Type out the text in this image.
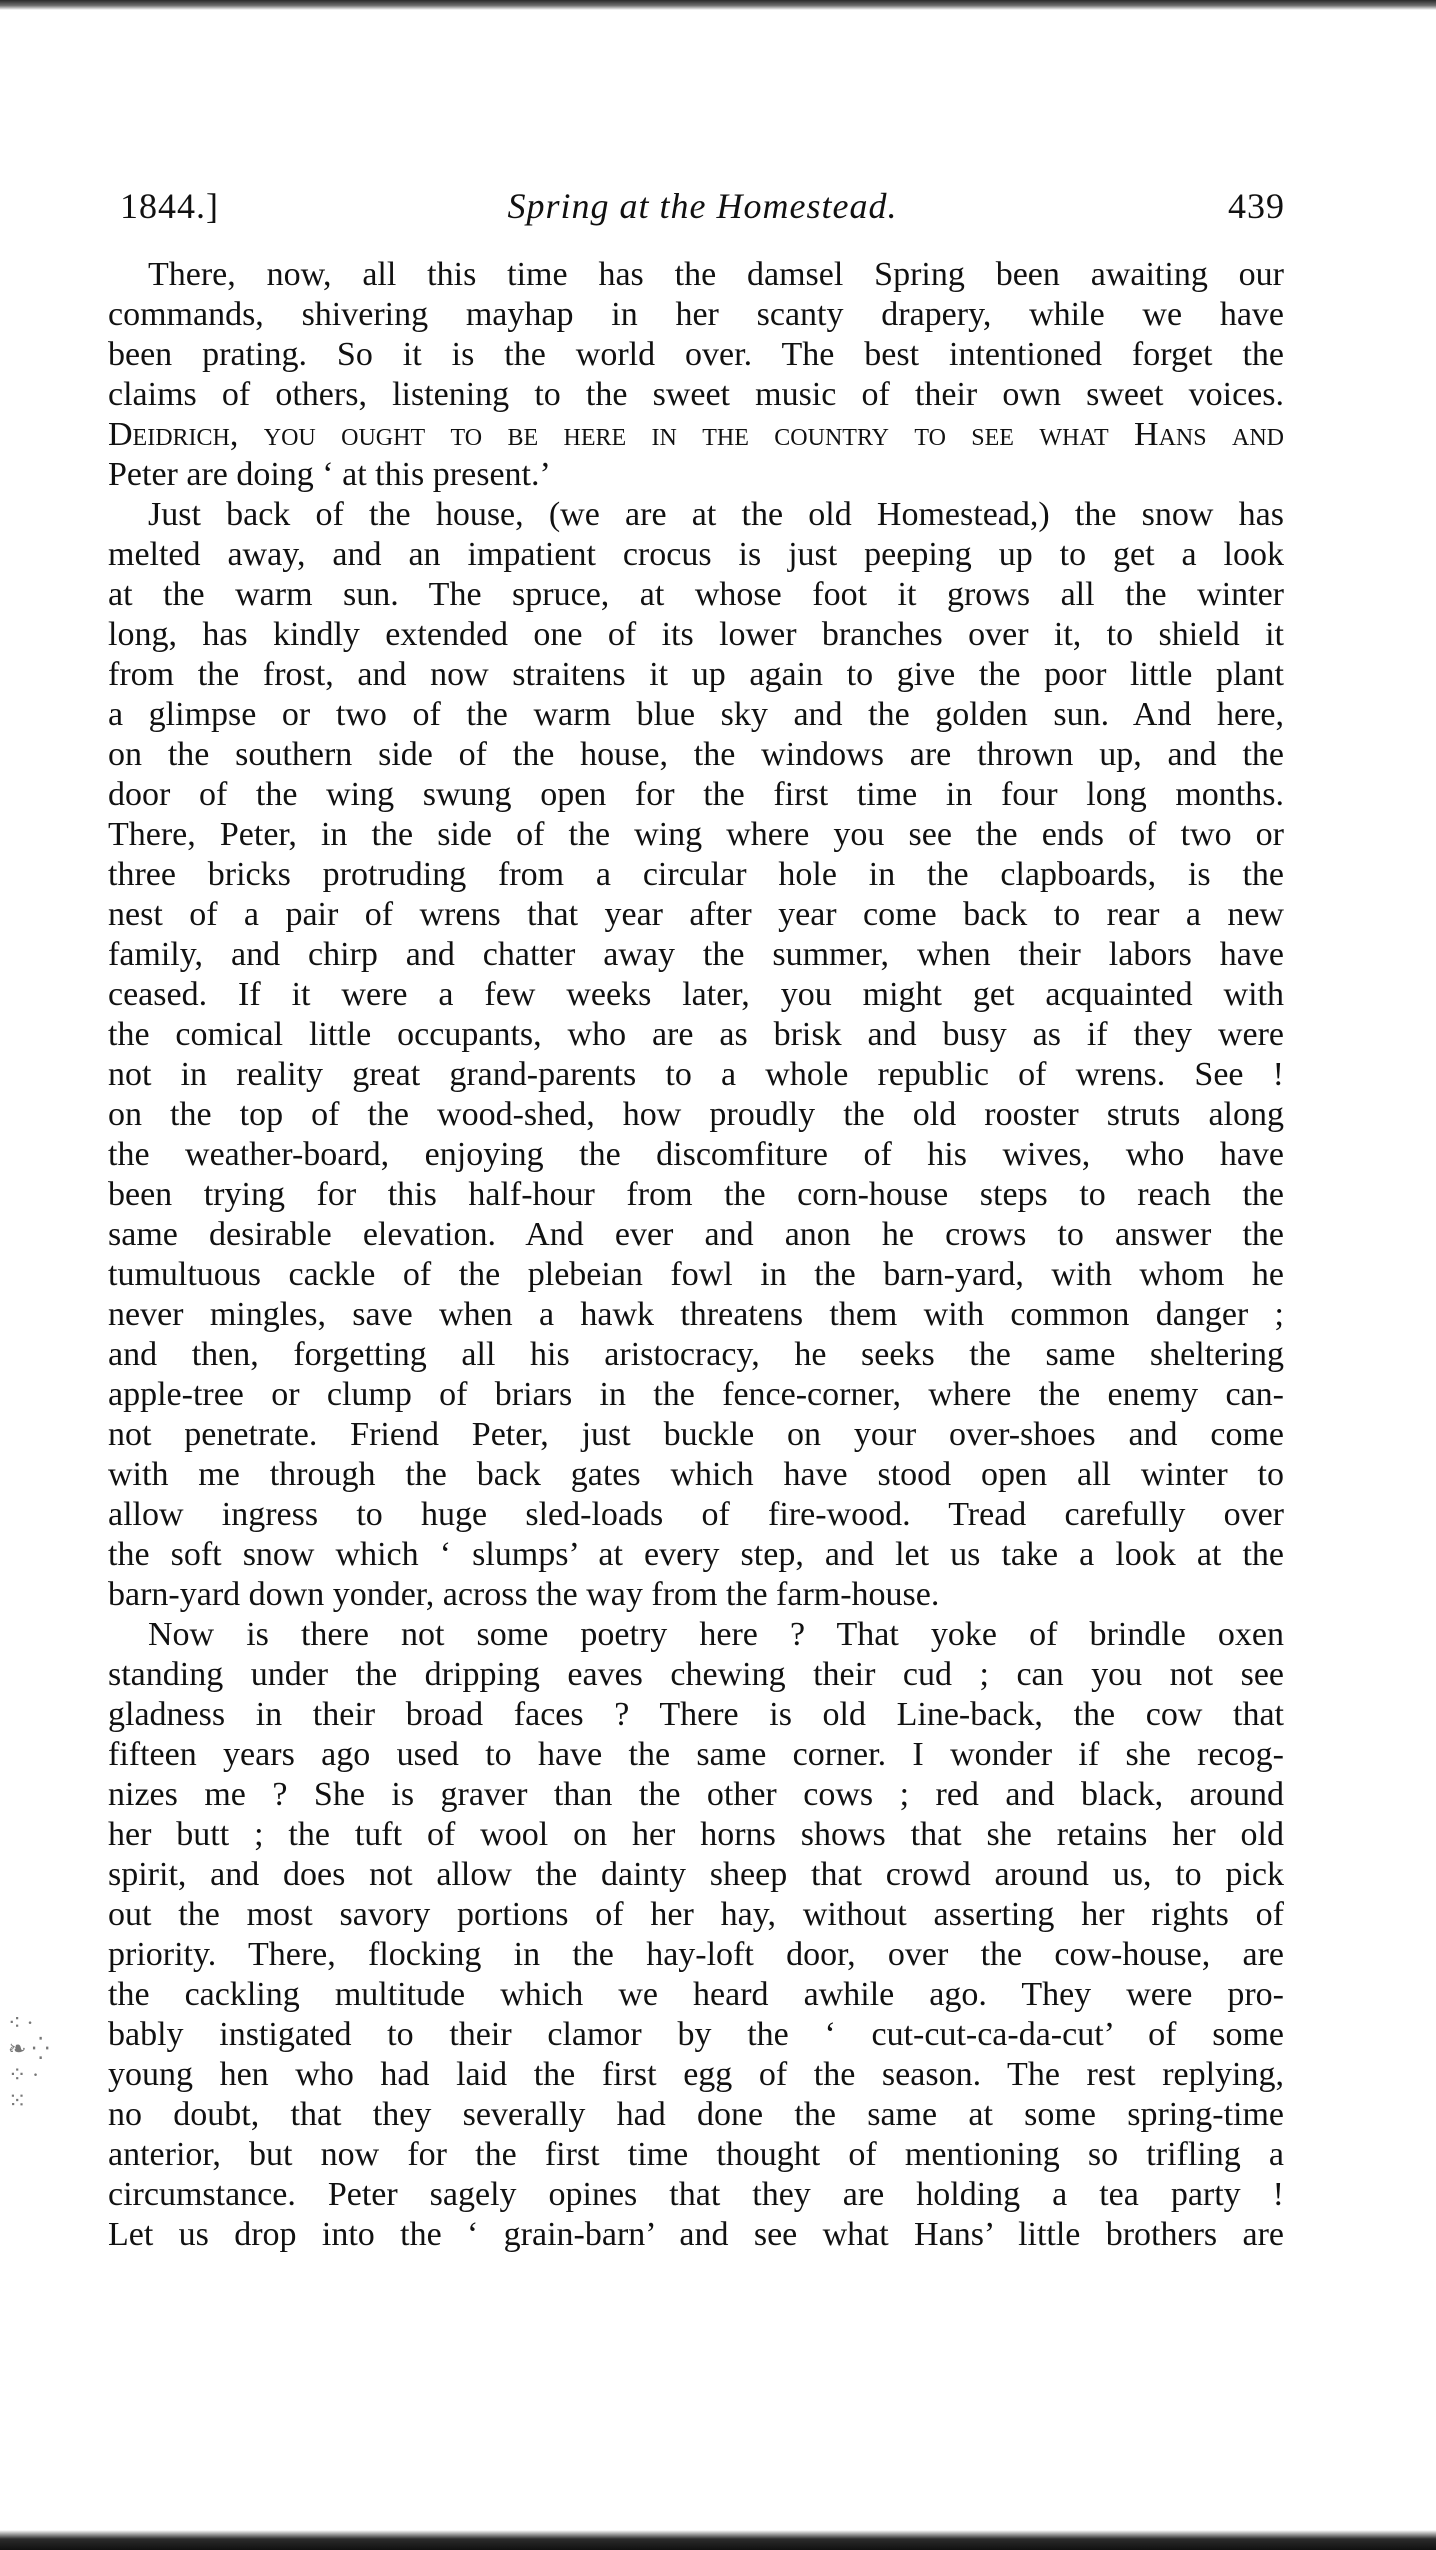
1844.]	Spring at the Homestead.	439
There, now, all this time has the damsel Spring been awaiting our
commands, shivering mayhap in her scanty drapery, while we have
been prating. So it is the world over. The best intentioned forget the
claims of others, listening to the sweet music of their own sweet voices.
Deidrich, you ought to be here in the country to see what Hans and
Peter are doing ‘ at this present.’
Just back of the house, (we are at the old Homestead,) the snow has
melted away, and an impatient crocus is just peeping up to get a look
at the warm sun. The spruce, at whose foot it grows all the winter
long, has kindly extended one of its lower branches over it, to shield it
from the frost, and now straitens it up again to give the poor little plant
a glimpse or two of the warm blue sky and the golden sun. And here,
on the southern side of the house, the windows are thrown up, and the
door of the wing swung open for the first time in four long months.
There, Peter, in the side of the wing where you see the ends of two or
three bricks protruding from a circular hole in the clapboards, is the
nest of a pair of wrens that year after year come back to rear a new
family, and chirp and chatter away the summer, when their labors have
ceased. If it were a few weeks later, you might get acquainted with
the comical little occupants, who are as brisk and busy as if they were
not in reality great grand-parents to a whole republic of wrens. See !
on the top of the wood-shed, how proudly the old rooster struts along
the weather-board, enjoying the discomfiture of his wives, who have
been trying for this half-hour from the corn-house steps to reach the
same desirable elevation. And ever and anon he crows to answer the
tumultuous cackle of the plebeian fowl in the barn-yard, with whom he
never mingles, save when a hawk threatens them with common danger ;
and then, forgetting all his aristocracy, he seeks the same sheltering
apple-tree or clump of briars in the fence-corner, where the enemy can-
not penetrate. Friend Peter, just buckle on your over-shoes and come
with me through the back gates which have stood open all winter to
allow ingress to huge sled-loads of fire-wood. Tread carefully over
the soft snow which ‘ slumps’ at every step, and let us take a look at the
barn-yard down yonder, across the way from the farm-house.
Now is there not some poetry here ? That yoke of brindle oxen
standing under the dripping eaves chewing their cud ; can you not see
gladness in their broad faces ? There is old Line-back, the cow that
fifteen years ago used to have the same corner. I wonder if she recog-
nizes me ? She is graver than the other cows ; red and black, around
her butt ; the tuft of wool on her horns shows that she retains her old
spirit, and does not allow the dainty sheep that crowd around us, to pick
out the most savory portions of her hay, without asserting her rights of
priority. There, flocking in the hay-loft door, over the cow-house, are
the cackling multitude which we heard awhile ago. They were pro-
bably instigated to their clamor by the ‘ cut-cut-ca-da-cut’ of some
young hen who had laid the first egg of the season. The rest replying,
no doubt, that they severally had done the same at some spring-time
anterior, but now for the first time thought of mentioning so trifling a
circumstance. Peter sagely opines that they are holding a tea party !
Let us drop into the ‘ grain-barn’ and see what Hans’ little brothers are
⁖ ·
❧ ⁛
⁘ ·
⁙
